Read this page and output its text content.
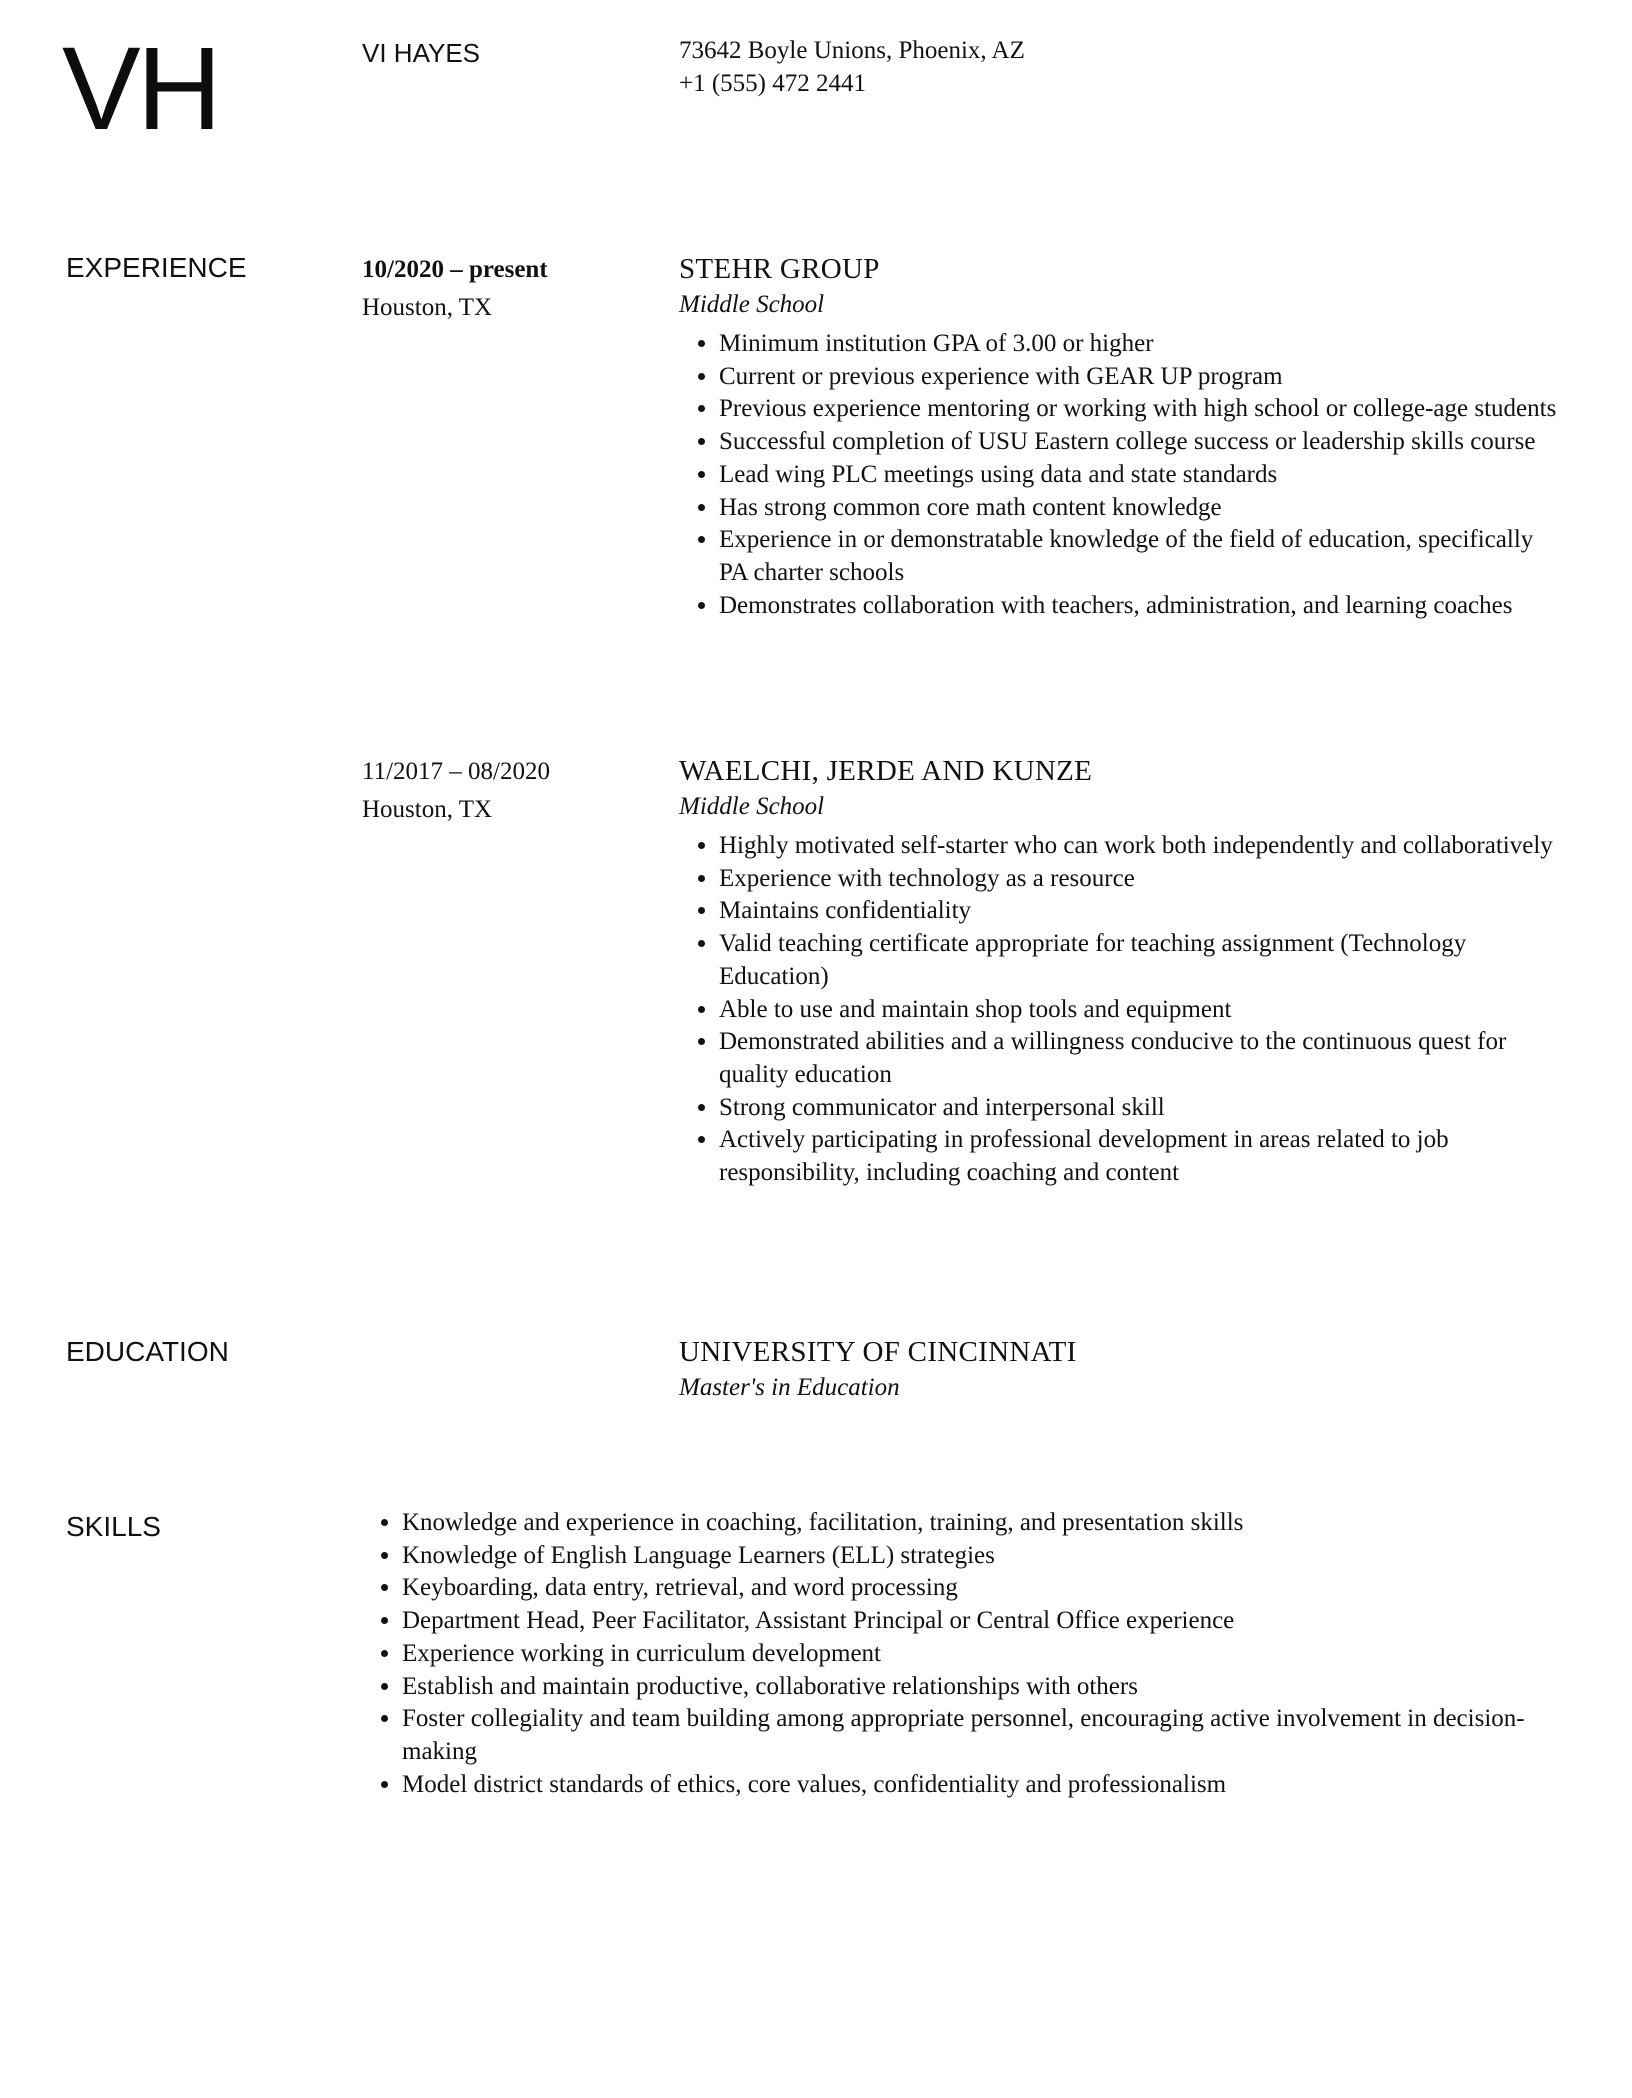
VH	VI HAYES	73642 Boyle Unions, Phoenix, AZ
+1 (555) 472 2441
EXPERIENCE	10/2020 – present
Houston, TX
STEHR GROUP
Middle School
• Minimum institution GPA of 3.00 or higher
• Current or previous experience with GEAR UP program
• Previous experience mentoring or working with high school or college-age students
• Successful completion of USU Eastern college success or leadership skills course
• Lead wing PLC meetings using data and state standards
• Has strong common core math content knowledge
• Experience in or demonstratable knowledge of the field of education, specifically PA charter schools
• Demonstrates collaboration with teachers, administration, and learning coaches
11/2017 – 08/2020
Houston, TX
WAELCHI, JERDE AND KUNZE
Middle School
• Highly motivated self-starter who can work both independently and collaboratively
• Experience with technology as a resource
• Maintains confidentiality
• Valid teaching certificate appropriate for teaching assignment (Technology Education)
• Able to use and maintain shop tools and equipment
• Demonstrated abilities and a willingness conducive to the continuous quest for quality education
• Strong communicator and interpersonal skill
• Actively participating in professional development in areas related to job responsibility, including coaching and content
EDUCATION	UNIVERSITY OF CINCINNATI
Master's in Education
SKILLS
•	Knowledge and experience in coaching, facilitation, training, and presentation skills
• Knowledge of English Language Learners (ELL) strategies
• Keyboarding, data entry, retrieval, and word processing
• Department Head, Peer Facilitator, Assistant Principal or Central Office experience
• Experience working in curriculum development
• Establish and maintain productive, collaborative relationships with others
• Foster collegiality and team building among appropriate personnel, encouraging active involvement in decision-making
• Model district standards of ethics, core values, confidentiality and professionalism
